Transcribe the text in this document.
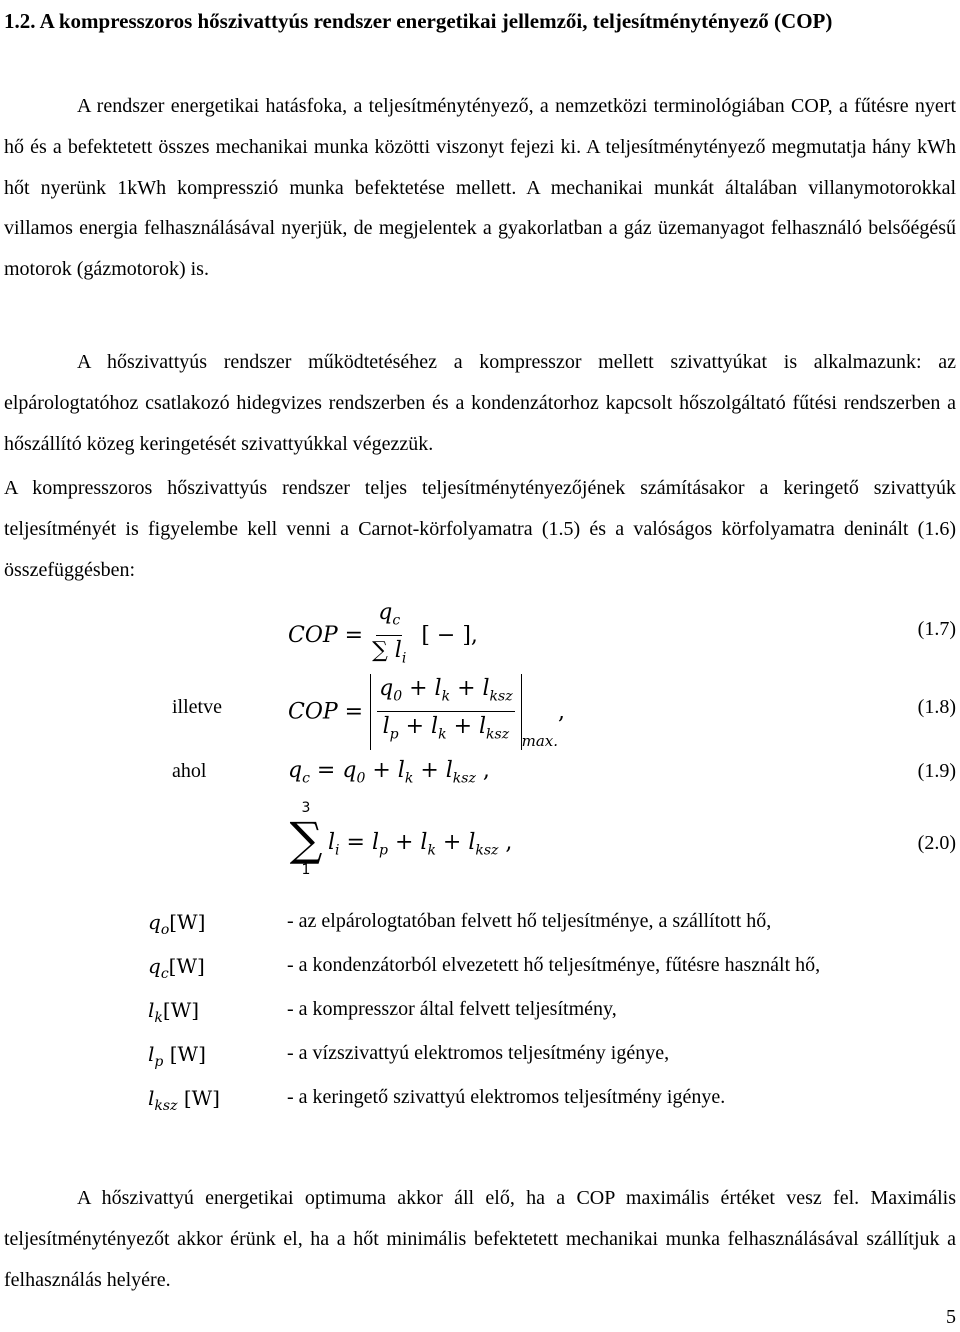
1.2. A kompresszoros hőszivattyús rendszer energetikai jellemzői, teljesítménytényező (COP)
A rendszer energetikai hatásfoka, a teljesítménytényező, a nemzetközi terminológiában COP, a fűtésre nyert hő és a befektetett összes mechanikai munka közötti viszonyt fejezi ki. A teljesítménytényező megmutatja hány kWh hőt nyerünk 1kWh kompresszió munka befektetése mellett. A mechanikai munkát általában villanymotorokkal villamos energia felhasználásával nyerjük, de megjelentek a gyakorlatban a gáz üzemanyagot felhasználó belsőégésű motorok (gázmotorok) is.
A hőszivattyús rendszer működtetéséhez a kompresszor mellett szivattyúkat is alkalmazunk: az elpárologtatóhoz csatlakozó hidegvizes rendszerben és a kondenzátorhoz kapcsolt hőszolgáltató fűtési rendszerben a hőszállító közeg keringetését szivattyúkkal végezzük.
A kompresszoros hőszivattyús rendszer teljes teljesítménytényezőjének számításakor a keringető szivattyúk teljesítményét is figyelembe kell venni a Carnot-körfolyamatra (1.5) és a valóságos körfolyamatra deninált (1.6) összefüggésben:
COP = $\frac{q_c}{\sum l_i}$ [ − ],	(1.7)
illetve	COP = $\frac{q_0 + l_k + l_{ksz}}{l_p + l_k + l_{ksz}} _{max.}$,	(1.8)
ahol	$q_c = q_0 + l_k + l_{ksz}$ ,	(1.9)
3
∑
1
$l_i = l_p + l_k + l_{ksz}$ ,	(2.0)
$q_o[W]$	- az elpárologtatóban felvett hő teljesítménye, a szállított hő,
$q_c[W]$	- a kondenzátorból elvezetett hő teljesítménye, fűtésre használt hő,
$l_k[W]$	- a kompresszor által felvett teljesítmény,
$l_p$ [W]	- a vízszivattyú elektromos teljesítmény igénye,
$l_{ksz}$ [W]	- a keringető szivattyú elektromos teljesítmény igénye.
A hőszivattyú energetikai optimuma akkor áll elő, ha a COP maximális értéket vesz fel. Maximális teljesítménytényezőt akkor érünk el, ha a hőt minimális befektetett mechanikai munka felhasználásával szállítjuk a felhasználás helyére.
5
